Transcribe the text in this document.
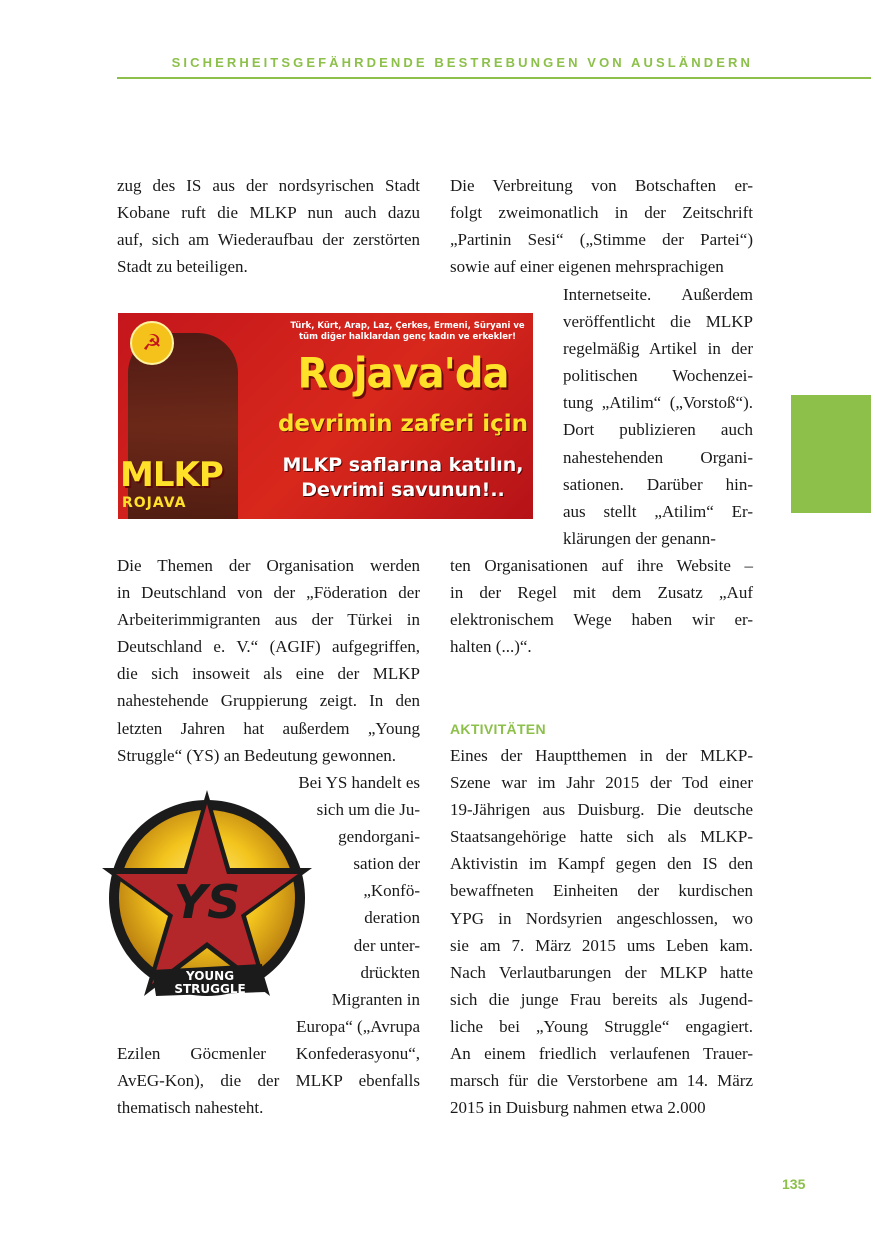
SICHERHEITSGEFÄHRDENDE BESTREBUNGEN VON AUSLÄNDERN
zug des IS aus der nordsyrischen Stadt
Kobane ruft die MLKP nun auch dazu
auf, sich am Wiederaufbau der zerstörten
Stadt zu beteiligen.
Die Verbreitung von Botschaften er-
folgt zweimonatlich in der Zeitschrift
„Partinin Sesi“ („Stimme der Partei“)
sowie auf einer eigenen mehrsprachigen
Internetseite. Außerdem
veröffentlicht die MLKP
regelmäßig Artikel in der
politischen Wochenzei-
tung „Atilim“ („Vorstoß“).
Dort publizieren auch
nahestehenden Organi-
sationen. Darüber hin-
aus stellt „Atilim“ Er-
klärungen der genann-
ten Organisationen auf ihre Website –
in der Regel mit dem Zusatz „Auf
elektronischem Wege haben wir er-
halten (...)“.
Die Themen der Organisation werden
in Deutschland von der „Föderation der
Arbeiterimmigranten aus der Türkei in
Deutschland e. V.“ (AGIF) aufgegriffen,
die sich insoweit als eine der MLKP
nahestehende Gruppierung zeigt. In den
letzten Jahren hat außerdem „Young
Struggle“ (YS) an Bedeutung gewonnen.
Bei YS handelt es
sich um die Ju-
gendorgani-
sation der
„Konfö-
deration
der unter-
drückten
Migranten in
Europa“ („Avrupa
Ezilen Göcmenler Konfederasyonu“,
AvEG-Kon), die der MLKP ebenfalls
thematisch nahesteht.
AKTIVITÄTEN
Eines der Hauptthemen in der MLKP-
Szene war im Jahr 2015 der Tod einer
19-Jährigen aus Duisburg. Die deutsche
Staatsangehörige hatte sich als MLKP-
Aktivistin im Kampf gegen den IS den
bewaffneten Einheiten der kurdischen
YPG in Nordsyrien angeschlossen, wo
sie am 7. März 2015 ums Leben kam.
Nach Verlautbarungen der MLKP hatte
sich die junge Frau bereits als Jugend-
liche bei „Young Struggle“ engagiert.
An einem friedlich verlaufenen Trauer-
marsch für die Verstorbene am 14. März
2015 in Duisburg nahmen etwa 2.000
☭
Türk, Kürt, Arap, Laz, Çerkes, Ermeni, Süryani ve
tüm diğer halklardan genç kadın ve erkekler!
Rojava'da
devrimin zaferi için
MLKP saflarına katılın,
Devrimi savunun!..
MLKP
ROJAVA
YS
YOUNG
STRUGGLE
135
